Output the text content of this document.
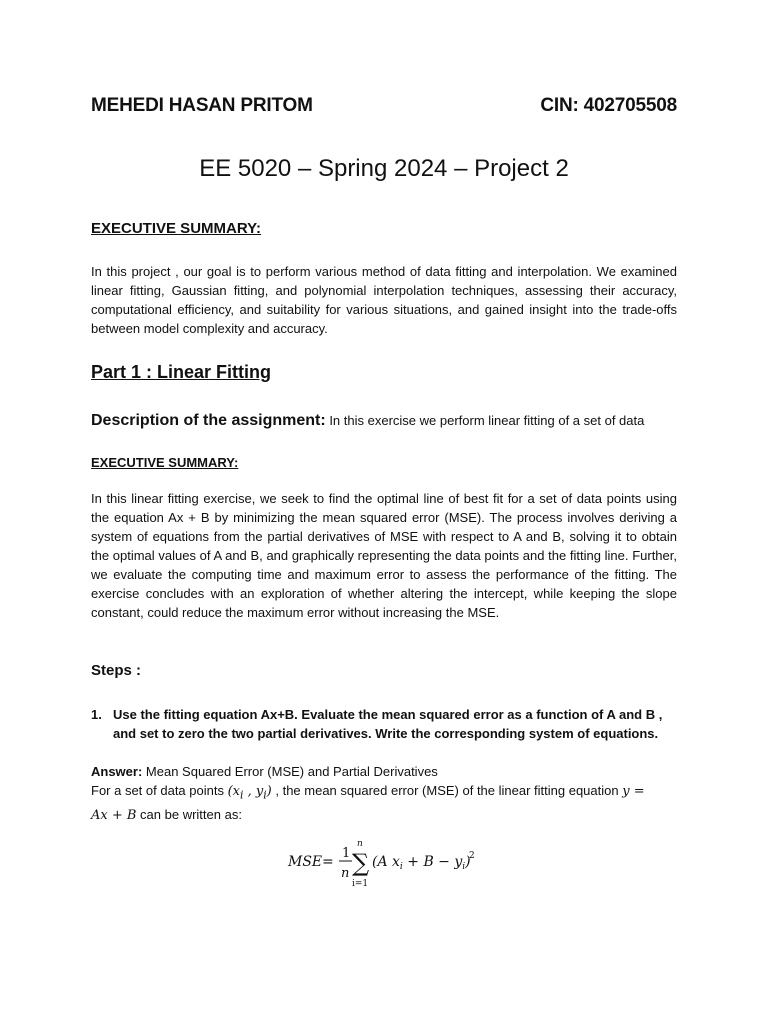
MEHEDI HASAN PRITOM	CIN: 402705508
EE 5020 – Spring 2024 – Project 2
EXECUTIVE SUMMARY:
In this project , our goal is to perform various method of data fitting and interpolation. We examined linear fitting, Gaussian fitting, and polynomial interpolation techniques, assessing their accuracy, computational efficiency, and suitability for various situations, and gained insight into the trade-offs between model complexity and accuracy.
Part 1 : Linear Fitting
Description of the assignment: In this exercise we perform linear fitting of a set of data
EXECUTIVE SUMMARY:
In this linear fitting exercise, we seek to find the optimal line of best fit for a set of data points using the equation Ax + B by minimizing the mean squared error (MSE). The process involves deriving a system of equations from the partial derivatives of MSE with respect to A and B, solving it to obtain the optimal values of A and B, and graphically representing the data points and the fitting line. Further, we evaluate the computing time and maximum error to assess the performance of the fitting. The exercise concludes with an exploration of whether altering the intercept, while keeping the slope constant, could reduce the maximum error without increasing the MSE.
Steps :
1. Use the fitting equation Ax+B. Evaluate the mean squared error as a function of A and B , and set to zero the two partial derivatives. Write the corresponding system of equations.
Answer: Mean Squared Error (MSE) and Partial Derivatives
For a set of data points ($x_i$ , $y_i$) , the mean squared error (MSE) of the linear fitting equation y =
Ax + B can be written as:
MSE =
1
n
n
∑
i=1
(A $x_i + B - y_i$)
2
